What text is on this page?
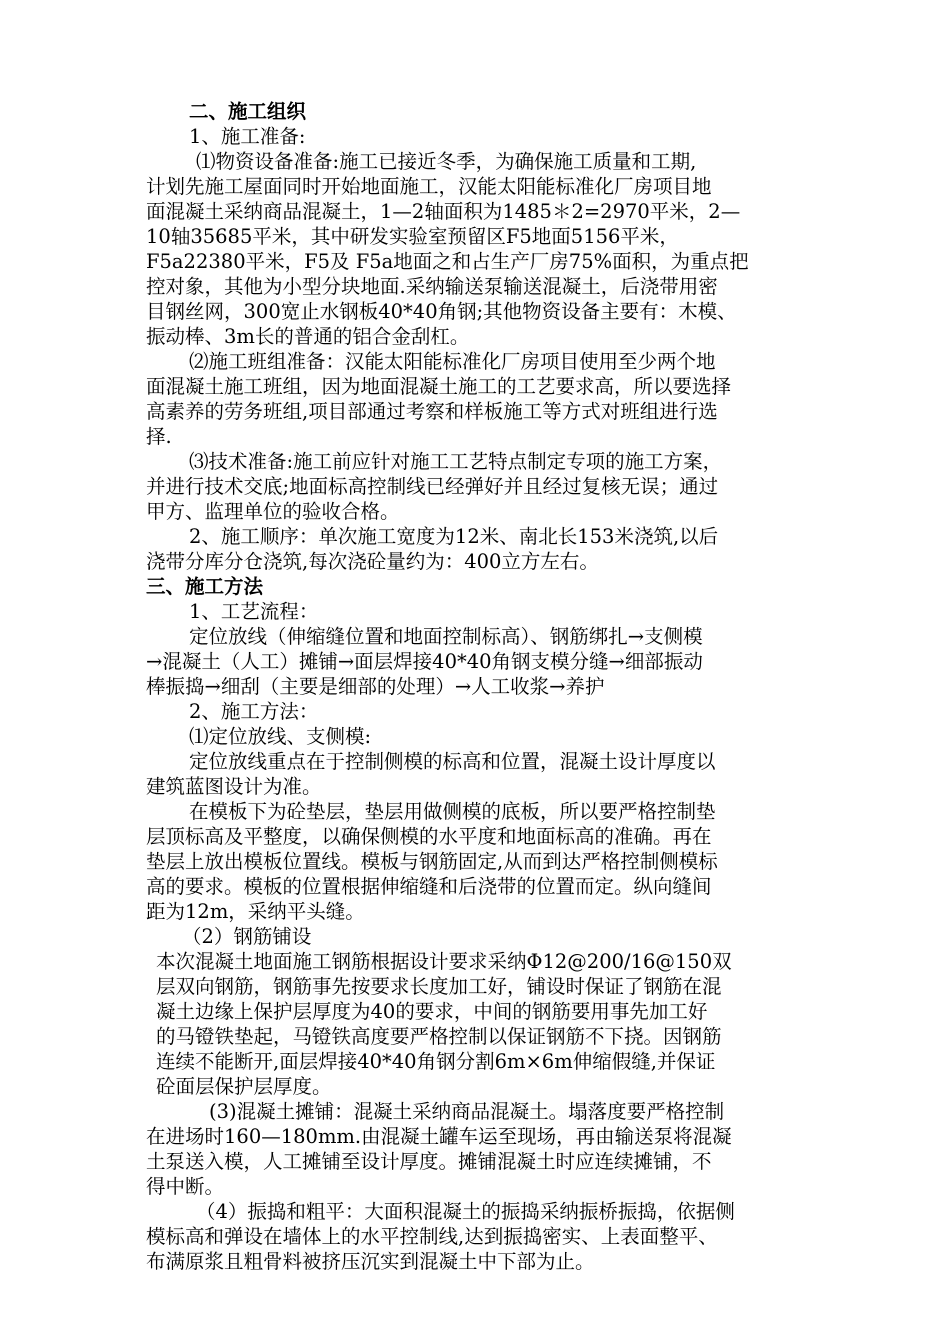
二、施工组织
1、施工准备:
⑴物资设备准备:施工已接近冬季，为确保施工质量和工期,
计划先施工屋面同时开始地面施工，汉能太阳能标准化厂房项目地
面混凝土采纳商品混凝土，1—2轴面积为1485＊2=2970平米，2—
10轴35685平米，其中研发实验室预留区F5地面5156平米，
F5a22380平米，F5及 F5a地面之和占生产厂房75%面积，为重点把
控对象，其他为小型分块地面.采纳输送泵输送混凝土，后浇带用密
目钢丝网，300宽止水钢板40*40角钢;其他物资设备主要有：木模、
振动棒、3m长的普通的铝合金刮杠。
⑵施工班组准备：汉能太阳能标准化厂房项目使用至少两个地
面混凝土施工班组，因为地面混凝土施工的工艺要求高，所以要选择
高素养的劳务班组,项目部通过考察和样板施工等方式对班组进行选
择.
⑶技术准备:施工前应针对施工工艺特点制定专项的施工方案，
并进行技术交底;地面标高控制线已经弹好并且经过复核无误；通过
甲方、监理单位的验收合格。
2、施工顺序：单次施工宽度为12米、南北长153米浇筑,以后
浇带分库分仓浇筑,每次浇砼量约为：400立方左右。
三、施工方法
1、工艺流程：
定位放线（伸缩缝位置和地面控制标高）、钢筋绑扎→支侧模
→混凝土（人工）摊铺→面层焊接40*40角钢支模分缝→细部振动
棒振捣→细刮（主要是细部的处理）→人工收浆→养护
2、施工方法：
⑴定位放线、支侧模:
定位放线重点在于控制侧模的标高和位置，混凝土设计厚度以
建筑蓝图设计为准。
在模板下为砼垫层，垫层用做侧模的底板，所以要严格控制垫
层顶标高及平整度，以确保侧模的水平度和地面标高的准确。再在
垫层上放出模板位置线。模板与钢筋固定,从而到达严格控制侧模标
高的要求。模板的位置根据伸缩缝和后浇带的位置而定。纵向缝间
距为12m，采纳平头缝。
（2）钢筋铺设
本次混凝土地面施工钢筋根据设计要求采纳Φ12@200/16@150双
层双向钢筋，钢筋事先按要求长度加工好，铺设时保证了钢筋在混
凝土边缘上保护层厚度为40的要求，中间的钢筋要用事先加工好
的马镫铁垫起，马镫铁高度要严格控制以保证钢筋不下挠。因钢筋
连续不能断开,面层焊接40*40角钢分割6m×6m伸缩假缝,并保证
砼面层保护层厚度。
(3)混凝土摊铺：混凝土采纳商品混凝土。塌落度要严格控制
在进场时160—180mm.由混凝土罐车运至现场，再由输送泵将混凝
土泵送入模，人工摊铺至设计厚度。摊铺混凝土时应连续摊铺，不
得中断。
（4）振捣和粗平：大面积混凝土的振捣采纳振桥振捣，依据侧
模标高和弹设在墙体上的水平控制线,达到振捣密实、上表面整平、
布满原浆且粗骨料被挤压沉实到混凝土中下部为止。
